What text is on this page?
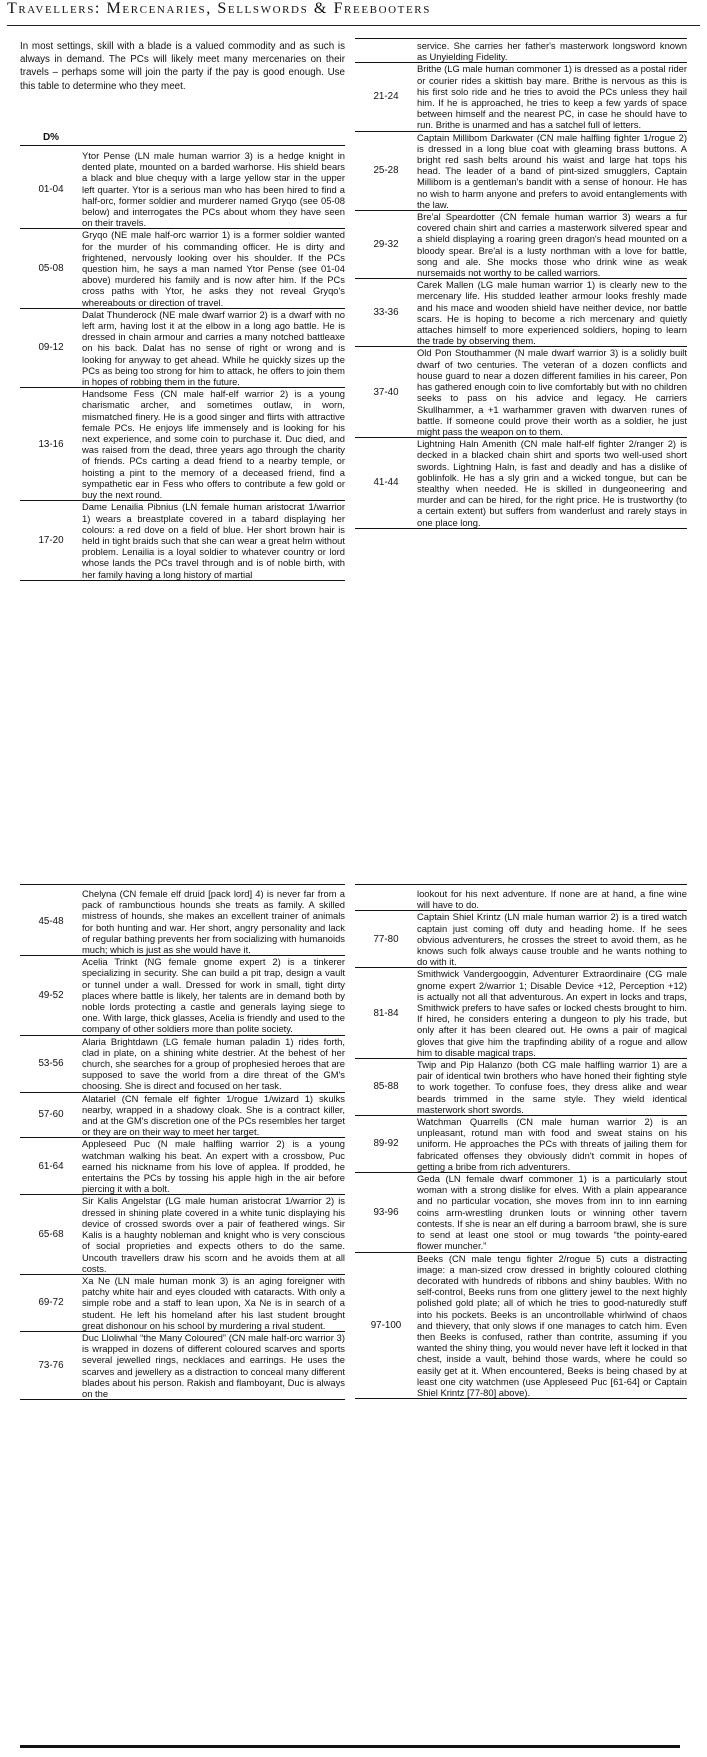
Travellers: Mercenaries, Sellswords & Freebooters
In most settings, skill with a blade is a valued commodity and as such is always in demand. The PCs will likely meet many mercenaries on their travels – perhaps some will join the party if the pay is good enough. Use this table to determine who they meet.
D%
01-04	Ytor Pense (LN male human warrior 3) is a hedge knight in dented plate, mounted on a barded warhorse. His shield bears a black and blue chequy with a large yellow star in the upper left quarter. Ytor is a serious man who has been hired to find a half-orc, former soldier and murderer named Gryqo (see 05-08 below) and interrogates the PCs about whom they have seen on their travels.
05-08	Gryqo (NE male half-orc warrior 1) is a former soldier wanted for the murder of his commanding officer. He is dirty and frightened, nervously looking over his shoulder. If the PCs question him, he says a man named Ytor Pense (see 01-04 above) murdered his family and is now after him. If the PCs cross paths with Ytor, he asks they not reveal Gryqo's whereabouts or direction of travel.
09-12	Dalat Thunderock (NE male dwarf warrior 2) is a dwarf with no left arm, having lost it at the elbow in a long ago battle. He is dressed in chain armour and carries a many notched battleaxe on his back. Dalat has no sense of right or wrong and is looking for anyway to get ahead. While he quickly sizes up the PCs as being too strong for him to attack, he offers to join them in hopes of robbing them in the future.
13-16	Handsome Fess (CN male half-elf warrior 2) is a young charismatic archer, and sometimes outlaw, in worn, mismatched finery. He is a good singer and flirts with attractive female PCs. He enjoys life immensely and is looking for his next experience, and some coin to purchase it. Duc died, and was raised from the dead, three years ago through the charity of friends. PCs carting a dead friend to a nearby temple, or hoisting a pint to the memory of a deceased friend, find a sympathetic ear in Fess who offers to contribute a few gold or buy the next round.
17-20	Dame Lenailia Pibnius (LN female human aristocrat 1/warrior 1) wears a breastplate covered in a tabard displaying her colours: a red dove on a field of blue. Her short brown hair is held in tight braids such that she can wear a great helm without problem. Lenailia is a loyal soldier to whatever country or lord whose lands the PCs travel through and is of noble birth, with her family having a long history of martial
	service. She carries her father's masterwork longsword known as Unyielding Fidelity.
21-24	Brithe (LG male human commoner 1) is dressed as a postal rider or courier rides a skittish bay mare. Brithe is nervous as this is his first solo ride and he tries to avoid the PCs unless they hail him. If he is approached, he tries to keep a few yards of space between himself and the nearest PC, in case he should have to run. Brithe is unarmed and has a satchel full of letters.
25-28	Captain Millibom Darkwater (CN male halfling fighter 1/rogue 2) is dressed in a long blue coat with gleaming brass buttons. A bright red sash belts around his waist and large hat tops his head. The leader of a band of pint-sized smugglers, Captain Millibom is a gentleman's bandit with a sense of honour. He has no wish to harm anyone and prefers to avoid entanglements with the law.
29-32	Bre'al Speardotter (CN female human warrior 3) wears a fur covered chain shirt and carries a masterwork silvered spear and a shield displaying a roaring green dragon's head mounted on a bloody spear. Bre'al is a lusty northman with a love for battle, song and ale. She mocks those who drink wine as weak nursemaids not worthy to be called warriors.
33-36	Carek Mallen (LG male human warrior 1) is clearly new to the mercenary life. His studded leather armour looks freshly made and his mace and wooden shield have neither device, nor battle scars. He is hoping to become a rich mercenary and quietly attaches himself to more experienced soldiers, hoping to learn the trade by observing them.
37-40	Old Pon Stouthammer (N male dwarf warrior 3) is a solidly built dwarf of two centuries. The veteran of a dozen conflicts and house guard to near a dozen different families in his career, Pon has gathered enough coin to live comfortably but with no children seeks to pass on his advice and legacy. He carriers Skullhammer, a +1 warhammer graven with dwarven runes of battle. If someone could prove their worth as a soldier, he just might pass the weapon on to them.
41-44	Lightning Haln Amenith (CN male half-elf fighter 2/ranger 2) is decked in a blacked chain shirt and sports two well-used short swords. Lightning Haln, is fast and deadly and has a dislike of goblinfolk. He has a sly grin and a wicked tongue, but can be stealthy when needed. He is skilled in dungeoneering and murder and can be hired, for the right price. He is trustworthy (to a certain extent) but suffers from wanderlust and rarely stays in one place long.
45-48	Chelyna (CN female elf druid [pack lord] 4) is never far from a pack of rambunctious hounds she treats as family. A skilled mistress of hounds, she makes an excellent trainer of animals for both hunting and war. Her short, angry personality and lack of regular bathing prevents her from socializing with humanoids much; which is just as she would have it.
49-52	Acelia Trinkt (NG female gnome expert 2) is a tinkerer specializing in security. She can build a pit trap, design a vault or tunnel under a wall. Dressed for work in small, tight dirty places where battle is likely, her talents are in demand both by noble lords protecting a castle and generals laying siege to one. With large, thick glasses, Acelia is friendly and used to the company of other soldiers more than polite society.
53-56	Alaria Brightdawn (LG female human paladin 1) rides forth, clad in plate, on a shining white destrier. At the behest of her church, she searches for a group of prophesied heroes that are supposed to save the world from a dire threat of the GM's choosing. She is direct and focused on her task.
57-60	Alatariel (CN female elf fighter 1/rogue 1/wizard 1) skulks nearby, wrapped in a shadowy cloak. She is a contract killer, and at the GM's discretion one of the PCs resembles her target or they are on their way to meet her target.
61-64	Appleseed Puc (N male halfling warrior 2) is a young watchman walking his beat. An expert with a crossbow, Puc earned his nickname from his love of applea. If prodded, he entertains the PCs by tossing his apple high in the air before piercing it with a bolt.
65-68	Sir Kalis Angelstar (LG male human aristocrat 1/warrior 2) is dressed in shining plate covered in a white tunic displaying his device of crossed swords over a pair of feathered wings. Sir Kalis is a haughty nobleman and knight who is very conscious of social proprieties and expects others to do the same. Uncouth travellers draw his scorn and he avoids them at all costs.
69-72	Xa Ne (LN male human monk 3) is an aging foreigner with patchy white hair and eyes clouded with cataracts. With only a simple robe and a staff to lean upon, Xa Ne is in search of a student. He left his homeland after his last student brought great dishonour on his school by murdering a rival student.
73-76	Duc Lloliwhal “the Many Coloured” (CN male half-orc warrior 3) is wrapped in dozens of different coloured scarves and sports several jewelled rings, necklaces and earrings. He uses the scarves and jewellery as a distraction to conceal many different blades about his person. Rakish and flamboyant, Duc is always on the
	lookout for his next adventure. If none are at hand, a fine wine will have to do.
77-80	Captain Shiel Krintz (LN male human warrior 2) is a tired watch captain just coming off duty and heading home. If he sees obvious adventurers, he crosses the street to avoid them, as he knows such folk always cause trouble and he wants nothing to do with it.
81-84	Smithwick Vandergooggin, Adventurer Extraordinaire (CG male gnome expert 2/warrior 1; Disable Device +12, Perception +12) is actually not all that adventurous. An expert in locks and traps, Smithwick prefers to have safes or locked chests brought to him. If hired, he considers entering a dungeon to ply his trade, but only after it has been cleared out. He owns a pair of magical gloves that give him the trapfinding ability of a rogue and allow him to disable magical traps.
85-88	Twip and Pip Halanzo (both CG male halfling warrior 1) are a pair of identical twin brothers who have honed their fighting style to work together. To confuse foes, they dress alike and wear beards trimmed in the same style. They wield identical masterwork short swords.
89-92	Watchman Quarrells (CN male human warrior 2) is an unpleasant, rotund man with food and sweat stains on his uniform. He approaches the PCs with threats of jailing them for fabricated offenses they obviously didn't commit in hopes of getting a bribe from rich adventurers.
93-96	Geda (LN female dwarf commoner 1) is a particularly stout woman with a strong dislike for elves. With a plain appearance and no particular vocation, she moves from inn to inn earning coins arm-wrestling drunken louts or winning other tavern contests. If she is near an elf during a barroom brawl, she is sure to send at least one stool or mug towards “the pointy-eared flower muncher.”
97-100	Beeks (CN male tengu fighter 2/rogue 5) cuts a distracting image: a man-sized crow dressed in brightly coloured clothing decorated with hundreds of ribbons and shiny baubles. With no self-control, Beeks runs from one glittery jewel to the next highly polished gold plate; all of which he tries to good-naturedly stuff into his pockets. Beeks is an uncontrollable whirlwind of chaos and thievery, that only slows if one manages to catch him. Even then Beeks is confused, rather than contrite, assuming if you wanted the shiny thing, you would never have left it locked in that chest, inside a vault, behind those wards, where he could so easily get at it. When encountered, Beeks is being chased by at least one city watchmen (use Appleseed Puc [61-64] or Captain Shiel Krintz [77-80] above).
